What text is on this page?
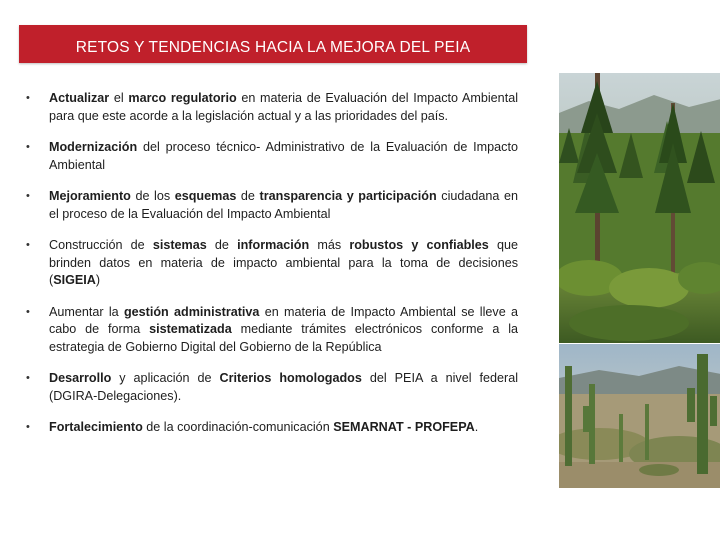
RETOS Y TENDENCIAS HACIA LA MEJORA DEL PEIA
• Actualizar el marco regulatorio en materia de Evaluación del Impacto Ambiental para que este acorde a la legislación actual y a las prioridades del país.
• Modernización del proceso técnico- Administrativo de la Evaluación de Impacto Ambiental
• Mejoramiento de los esquemas de transparencia y participación ciudadana en el proceso de la Evaluación del Impacto Ambiental
• Construcción de sistemas de información más robustos y confiables que brinden datos en materia de impacto ambiental para la toma de decisiones (SIGEIA)
• Aumentar la gestión administrativa en materia de Impacto Ambiental se lleve a cabo de forma sistematizada mediante trámites electrónicos conforme a la estrategia de Gobierno Digital del Gobierno de la República
• Desarrollo y aplicación de Criterios homologados del PEIA a nivel federal (DGIRA-Delegaciones).
• Fortalecimiento de la coordinación-comunicación SEMARNAT - PROFEPA.
